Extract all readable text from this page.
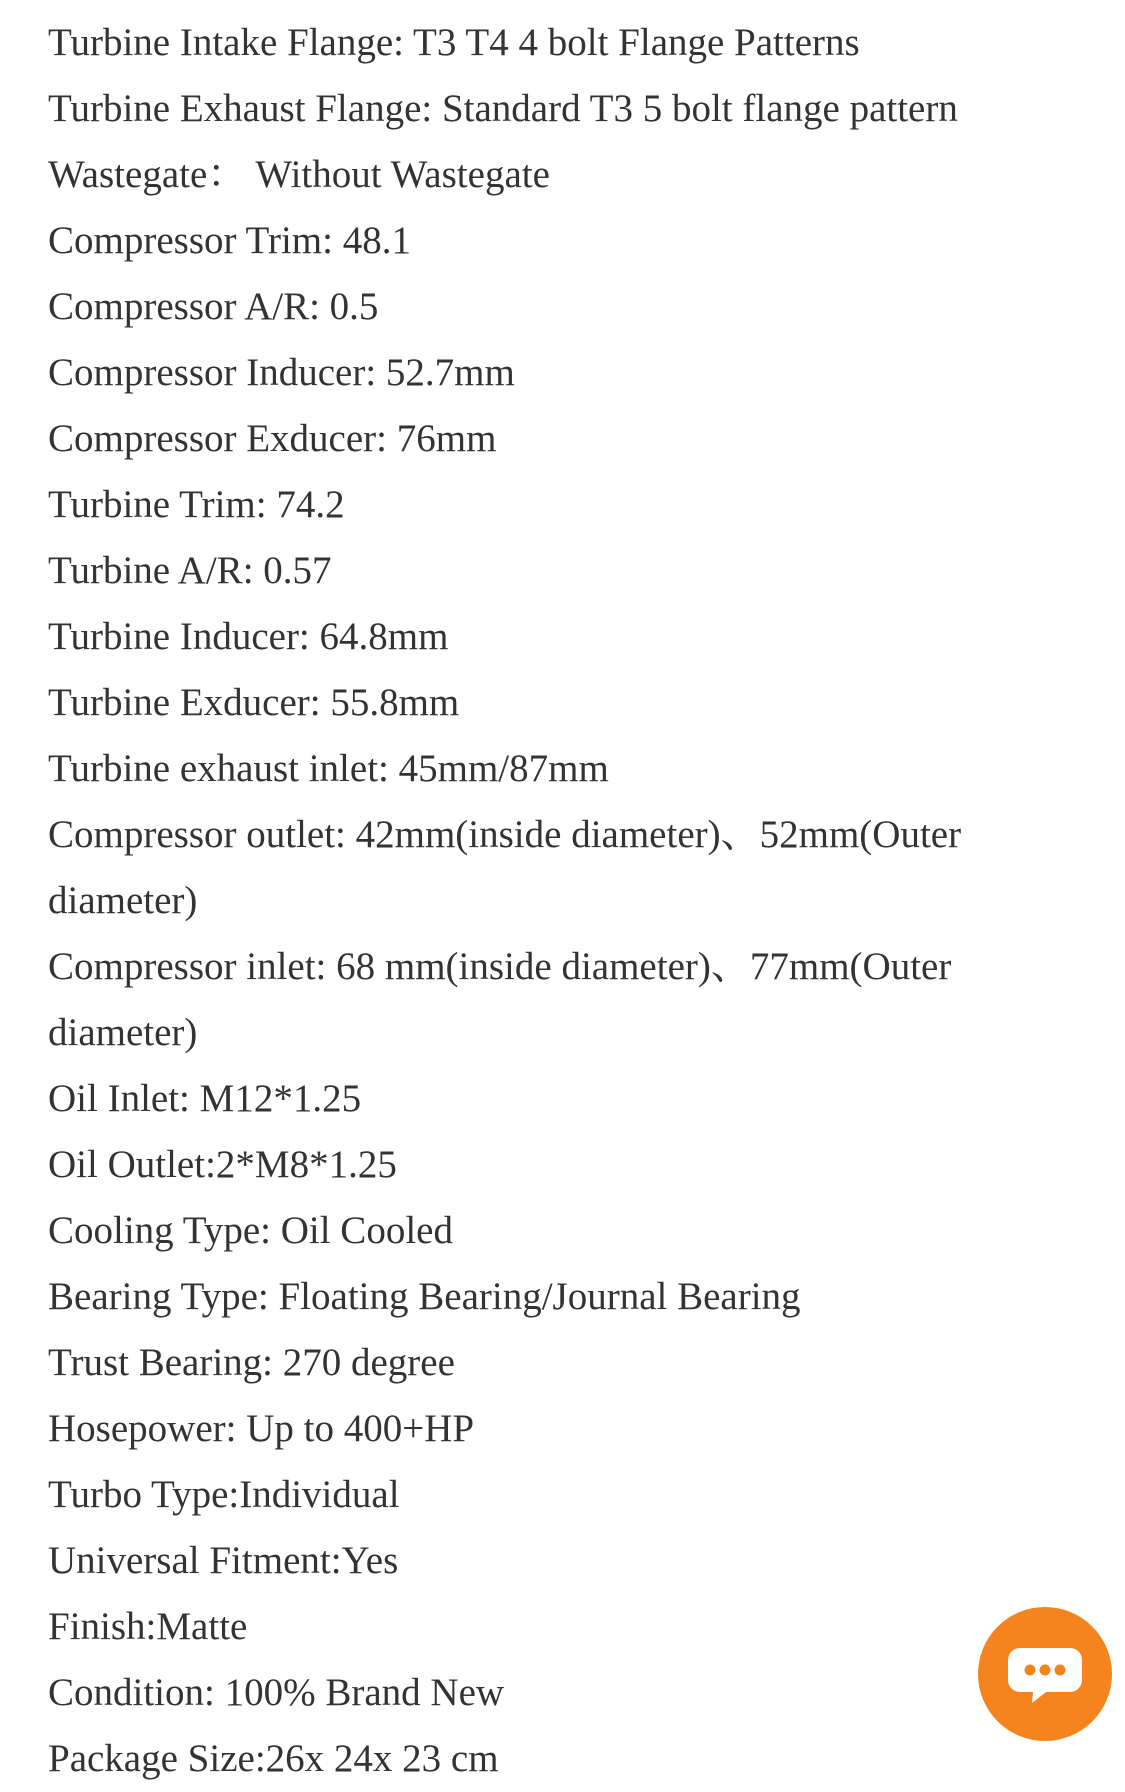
Turbine Intake Flange: T3 T4 4 bolt Flange Patterns
Turbine Exhaust Flange: Standard T3 5 bolt flange pattern
Wastegate： Without Wastegate
Compressor Trim: 48.1
Compressor A/R: 0.5
Compressor Inducer: 52.7mm
Compressor Exducer: 76mm
Turbine Trim: 74.2
Turbine A/R: 0.57
Turbine Inducer: 64.8mm
Turbine Exducer: 55.8mm
Turbine exhaust inlet: 45mm/87mm
Compressor outlet: 42mm(inside diameter)、52mm(Outer diameter)
Compressor inlet: 68 mm(inside diameter)、77mm(Outer diameter)
Oil Inlet: M12*1.25
Oil Outlet:2*M8*1.25
Cooling Type: Oil Cooled
Bearing Type: Floating Bearing/Journal Bearing
Trust Bearing: 270 degree
Hosepower: Up to 400+HP
Turbo Type:Individual
Universal Fitment:Yes
Finish:Matte
Condition: 100% Brand New
Package Size:26x 24x 23 cm
